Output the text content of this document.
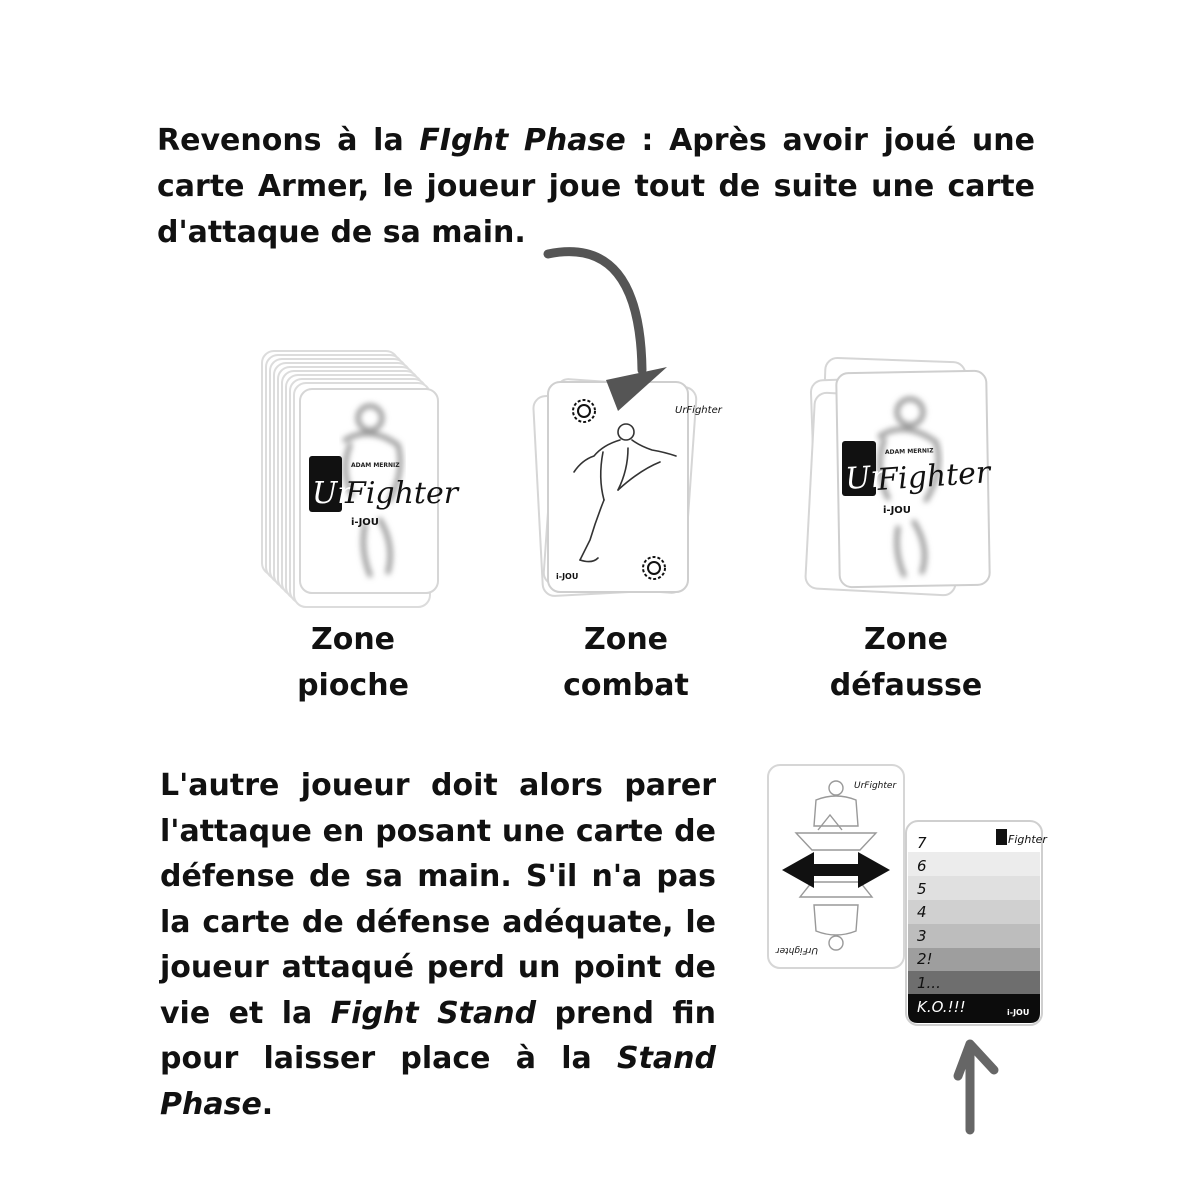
Revenons à la FIght Phase : Après avoir joué une carte Armer, le joueur joue tout de suite une carte d'attaque de sa main.
ADAM MERNIZ
Ur
Fighter
i-JOU
UrFighter
i-JOU
ADAM MERNIZ
Ur
Fighter
i-JOU
UrFighter
UrFighter
Fighter
7
6
5
4
3
2!
1...
K.O.!!!	i-JOU
Zone
pioche
Zone
combat
Zone
défausse
L'autre joueur doit alors parer l'attaque en posant une carte de défense de sa main. S'il n'a pas la carte de défense adéquate, le joueur attaqué perd un point de vie et la Fight Stand prend fin pour laisser place à la Stand Phase.
